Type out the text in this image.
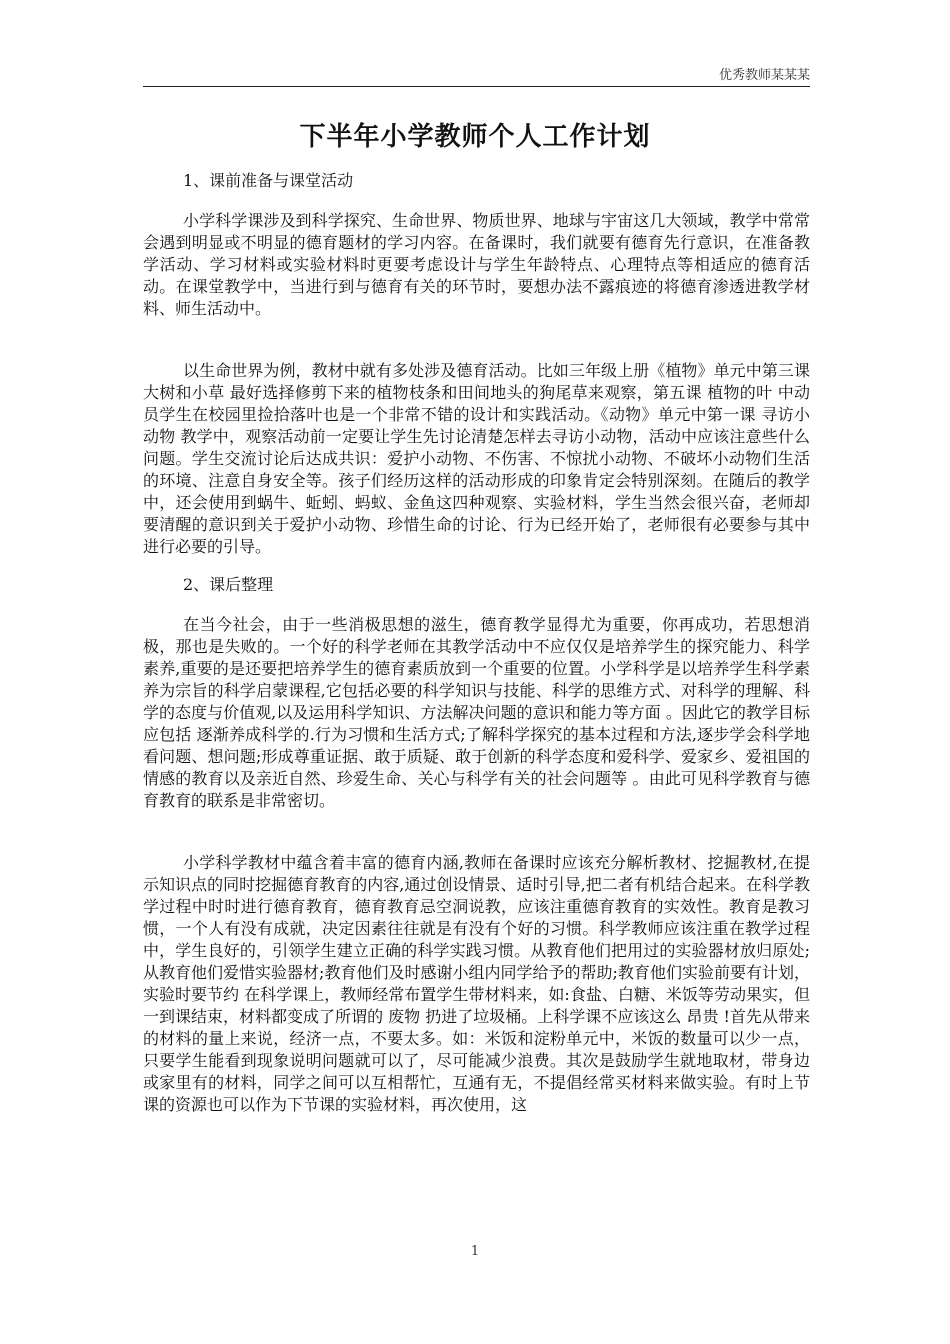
优秀教师某某某
下半年小学教师个人工作计划

1、课前准备与课堂活动

小学科学课涉及到科学探究、生命世界、物质世界、地球与宇宙这几大领域，教学中常常会遇到明显或不明显的德育题材的学习内容。在备课时，我们就要有德育先行意识，在准备教学活动、学习材料或实验材料时更要考虑设计与学生年龄特点、心理特点等相适应的德育活动。在课堂教学中，当进行到与德育有关的环节时，要想办法不露痕迹的将德育渗透进教学材料、师生活动中。

以生命世界为例，教材中就有多处涉及德育活动。比如三年级上册《植物》单元中第三课 大树和小草 最好选择修剪下来的植物枝条和田间地头的狗尾草来观察，第五课 植物的叶 中动员学生在校园里捡拾落叶也是一个非常不错的设计和实践活动。《动物》单元中第一课 寻访小动物 教学中，观察活动前一定要让学生先讨论清楚怎样去寻访小动物，活动中应该注意些什么问题。学生交流讨论后达成共识：爱护小动物、不伤害、不惊扰小动物、不破坏小动物们生活的环境、注意自身安全等。孩子们经历这样的活动形成的印象肯定会特别深刻。在随后的教学中，还会使用到蜗牛、蚯蚓、蚂蚁、金鱼这四种观察、实验材料，学生当然会很兴奋，老师却要清醒的意识到关于爱护小动物、珍惜生命的讨论、行为已经开始了，老师很有必要参与其中进行必要的引导。

2、课后整理

在当今社会，由于一些消极思想的滋生，德育教学显得尤为重要，你再成功，若思想消极，那也是失败的。一个好的科学老师在其教学活动中不应仅仅是培养学生的探究能力、科学素养,重要的是还要把培养学生的德育素质放到一个重要的位置。小学科学是以培养学生科学素养为宗旨的科学启蒙课程,它包括必要的科学知识与技能、科学的思维方式、对科学的理解、科学的态度与价值观,以及运用科学知识、方法解决问题的意识和能力等方面 。因此它的教学目标应包括 逐渐养成科学的.行为习惯和生活方式;了解科学探究的基本过程和方法,逐步学会科学地看问题、想问题;形成尊重证据、敢于质疑、敢于创新的科学态度和爱科学、爱家乡、爱祖国的情感的教育以及亲近自然、珍爱生命、关心与科学有关的社会问题等 。由此可见科学教育与德育教育的联系是非常密切。

小学科学教材中蕴含着丰富的德育内涵,教师在备课时应该充分解析教材、挖掘教材,在提示知识点的同时挖掘德育教育的内容,通过创设情景、适时引导,把二者有机结合起来。在科学教学过程中时时进行德育教育，德育教育忌空洞说教，应该注重德育教育的实效性。教育是教习惯，一个人有没有成就，决定因素往往就是有没有个好的习惯。科学教师应该注重在教学过程中，学生良好的，引领学生建立正确的科学实践习惯。从教育他们把用过的实验器材放归原处;从教育他们爱惜实验器材;教育他们及时感谢小组内同学给予的帮助;教育他们实验前要有计划，实验时要节约 在科学课上，教师经常布置学生带材料来，如:食盐、白糖、米饭等劳动果实，但一到课结束，材料都变成了所谓的 废物 扔进了垃圾桶。上科学课不应该这么 昂贵 !首先从带来的材料的量上来说，经济一点，不要太多。如：米饭和淀粉单元中，米饭的数量可以少一点，只要学生能看到现象说明问题就可以了，尽可能减少浪费。其次是鼓励学生就地取材，带身边或家里有的材料，同学之间可以互相帮忙，互通有无，不提倡经常买材料来做实验。有时上节课的资源也可以作为下节课的实验材料，再次使用，这

1
